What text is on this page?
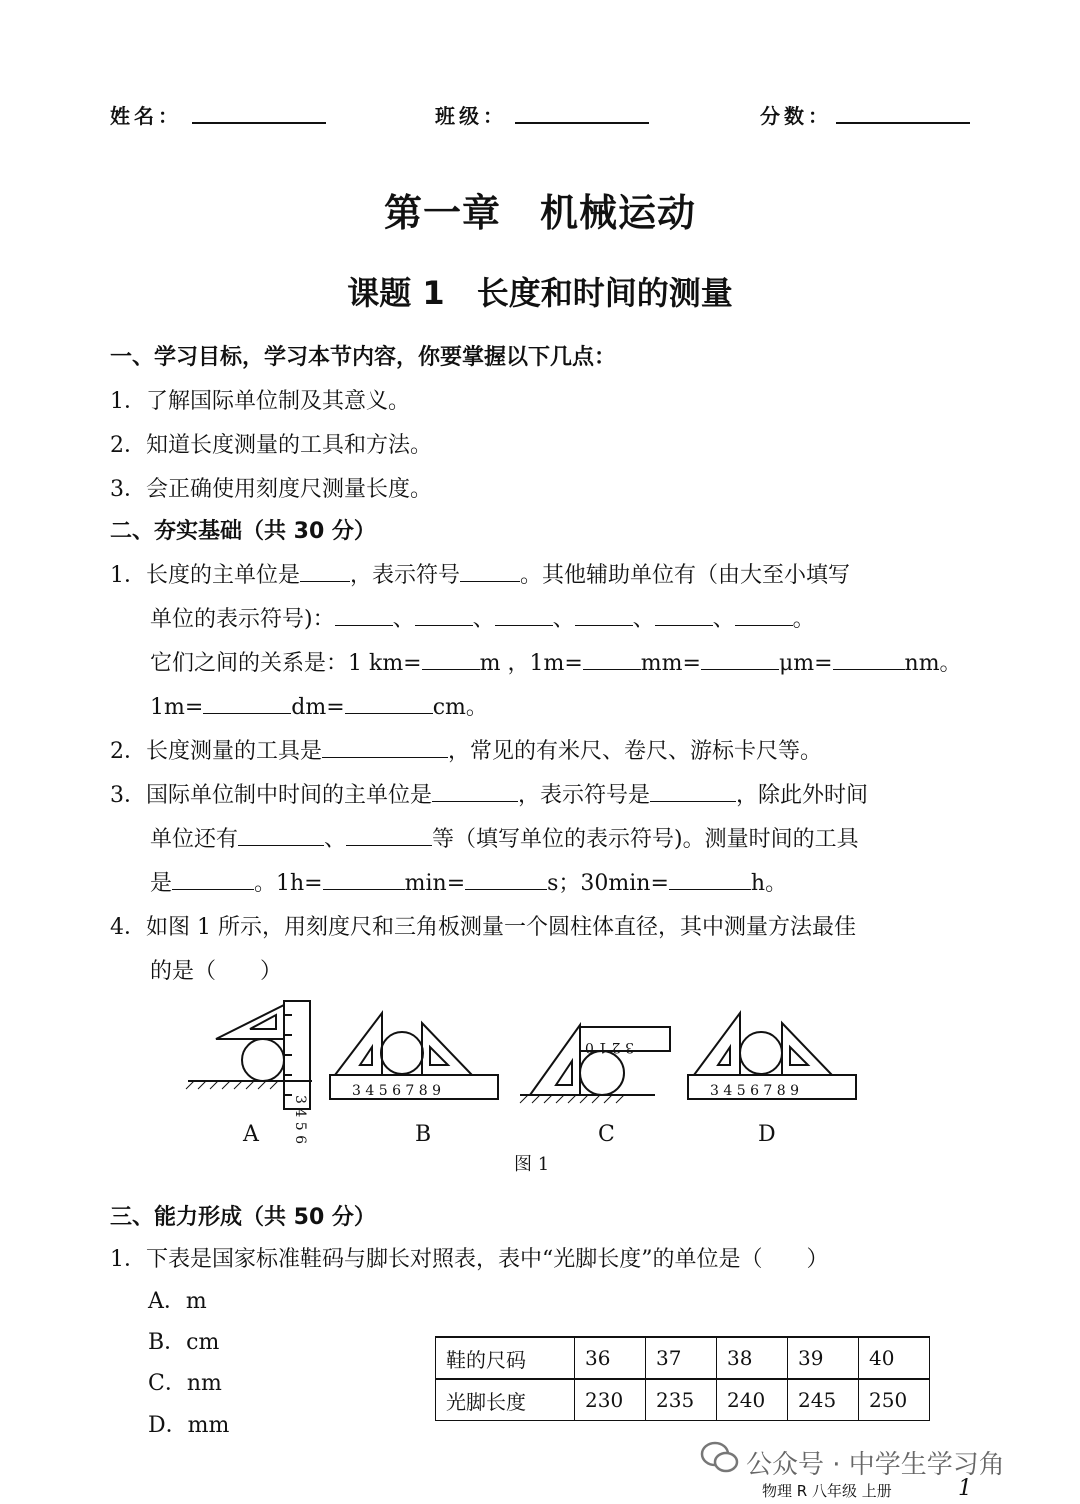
姓名：	班级：	分数：
第一章　机械运动
课题 1　长度和时间的测量
一、学习目标，学习本节内容，你要掌握以下几点：
1．了解国际单位制及其意义。
2．知道长度测量的工具和方法。
3．会正确使用刻度尺测量长度。
二、夯实基础（共 30 分）
1．长度的主单位是 ，表示符号	。其他辅助单位有（由大至小填写
单位的表示符号)：	、	、	、	、	、	。
它们之间的关系是：1 km=	m ，1m=	mm=	μm=	nm。
1m=	dm=	cm。
2．长度测量的工具是	，常见的有米尺、卷尺、游标卡尺等。
3．国际单位制中时间的主单位是	，表示符号是	，除此外时间
单位还有	、	等（填写单位的表示符号)。测量时间的工具
是	。1h=	min=	s；30min=	h。
4．如图 1 所示，用刻度尺和三角板测量一个圆柱体直径，其中测量方法最佳
的是（　　）
3 4 5 6
3 4 5 6 7 8 9
3 2 1 0
3 4 5 6 7 8 9
A	B	C	D
图 1
三、能力形成（共 50 分）
1．下表是国家标准鞋码与脚长对照表，表中“光脚长度”的单位是（　　）
A．m
B．cm
C．nm
D．mm
鞋的尺码	36	37	38	39	40
光脚长度	230	235	240	245	250
公众号 · 中学生学习角
物理 R 八年级 上册	1
